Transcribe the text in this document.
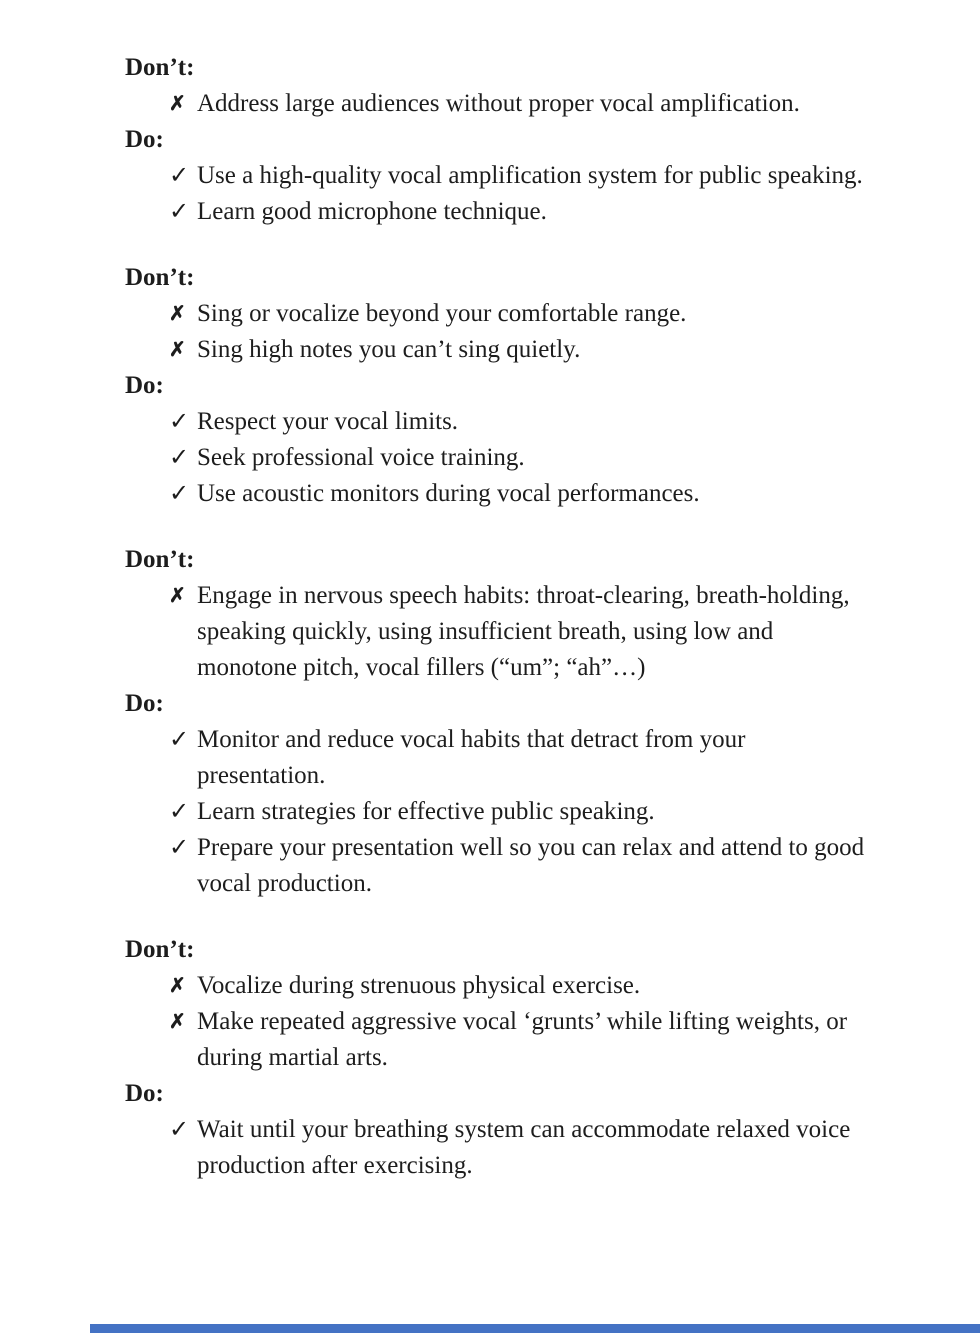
Don’t:
✗ Address large audiences without proper vocal amplification.
Do:
✓ Use a high-quality vocal amplification system for public speaking.
✓ Learn good microphone technique.
Don’t:
✗ Sing or vocalize beyond your comfortable range.
✗ Sing high notes you can’t sing quietly.
Do:
✓ Respect your vocal limits.
✓ Seek professional voice training.
✓ Use acoustic monitors during vocal performances.
Don’t:
✗ Engage in nervous speech habits: throat-clearing, breath-holding, speaking quickly, using insufficient breath, using low and monotone pitch, vocal fillers (“um”; “ah”…)
Do:
✓ Monitor and reduce vocal habits that detract from your presentation.
✓ Learn strategies for effective public speaking.
✓ Prepare your presentation well so you can relax and attend to good vocal production.
Don’t:
✗ Vocalize during strenuous physical exercise.
✗ Make repeated aggressive vocal ‘grunts’ while lifting weights, or during martial arts.
Do:
✓ Wait until your breathing system can accommodate relaxed voice production after exercising.
